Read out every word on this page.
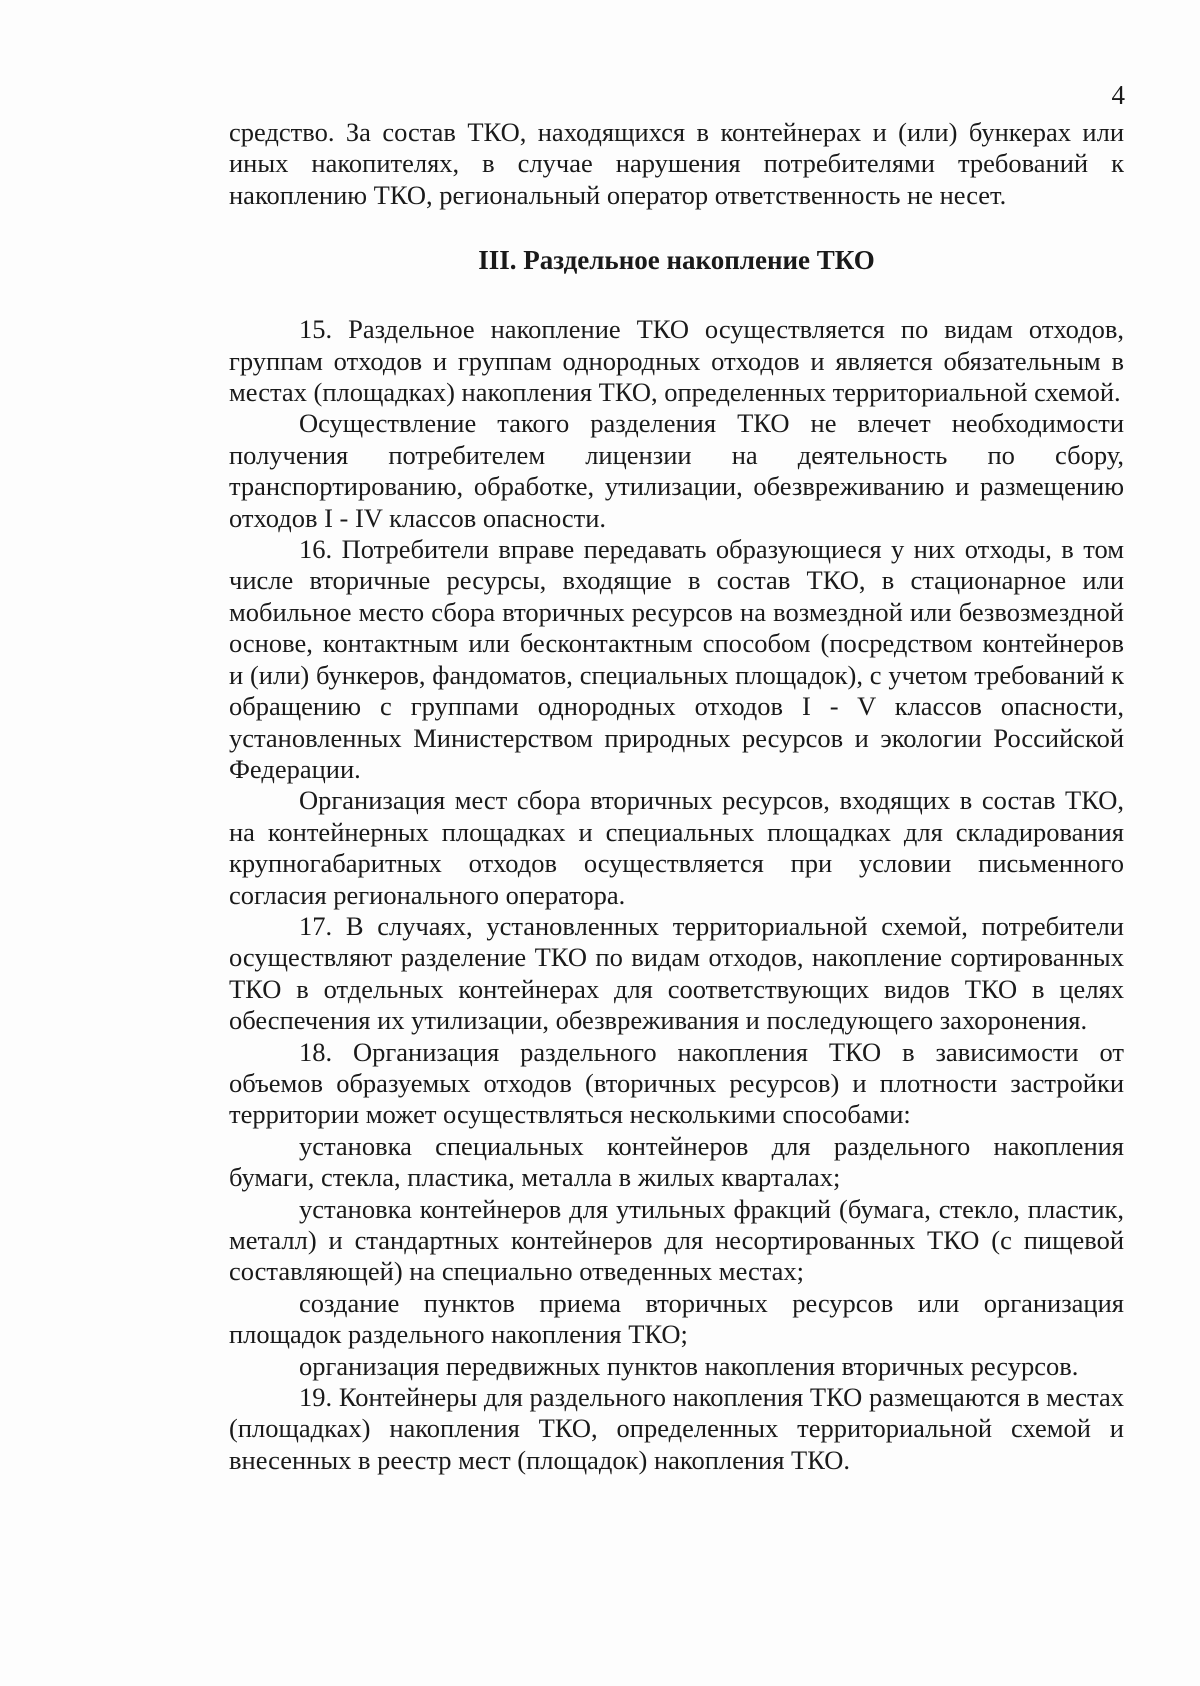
4

средство. За состав ТКО, находящихся в контейнерах и (или) бункерах или иных накопителях, в случае нарушения потребителями требований к накоплению ТКО, региональный оператор ответственность не несет.

III. Раздельное накопление ТКО

15. Раздельное накопление ТКО осуществляется по видам отходов, группам отходов и группам однородных отходов и является обязательным в местах (площадках) накопления ТКО, определенных территориальной схемой.

Осуществление такого разделения ТКО не влечет необходимости получения потребителем лицензии на деятельность по сбору, транспортированию, обработке, утилизации, обезвреживанию и размещению отходов I - IV классов опасности.

16. Потребители вправе передавать образующиеся у них отходы, в том числе вторичные ресурсы, входящие в состав ТКО, в стационарное или мобильное место сбора вторичных ресурсов на возмездной или безвозмездной основе, контактным или бесконтактным способом (посредством контейнеров и (или) бункеров, фандоматов, специальных площадок), с учетом требований к обращению с группами однородных отходов I - V классов опасности, установленных Министерством природных ресурсов и экологии Российской Федерации.

Организация мест сбора вторичных ресурсов, входящих в состав ТКО, на контейнерных площадках и специальных площадках для складирования крупногабаритных отходов осуществляется при условии письменного согласия регионального оператора.

17. В случаях, установленных территориальной схемой, потребители осуществляют разделение ТКО по видам отходов, накопление сортированных ТКО в отдельных контейнерах для соответствующих видов ТКО в целях обеспечения их утилизации, обезвреживания и последующего захоронения.

18. Организация раздельного накопления ТКО в зависимости от объемов образуемых отходов (вторичных ресурсов) и плотности застройки территории может осуществляться несколькими способами:

установка специальных контейнеров для раздельного накопления бумаги, стекла, пластика, металла в жилых кварталах;

установка контейнеров для утильных фракций (бумага, стекло, пластик, металл) и стандартных контейнеров для несортированных ТКО (с пищевой составляющей) на специально отведенных местах;

создание пунктов приема вторичных ресурсов или организация площадок раздельного накопления ТКО;

организация передвижных пунктов накопления вторичных ресурсов.

19. Контейнеры для раздельного накопления ТКО размещаются в местах (площадках) накопления ТКО, определенных территориальной схемой и внесенных в реестр мест (площадок) накопления ТКО.
